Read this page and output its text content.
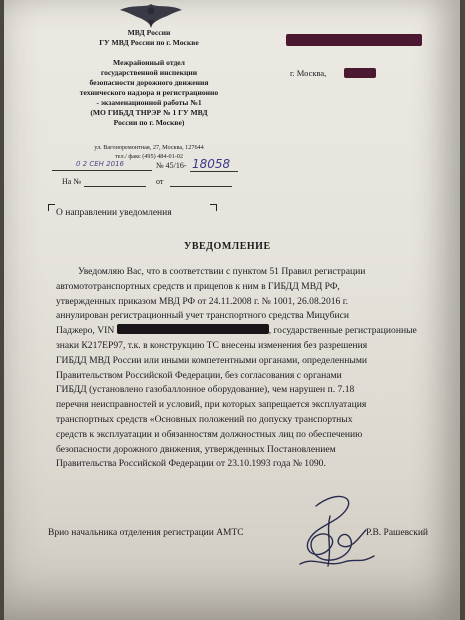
МВД России
ГУ МВД России по г. Москве
Межрайонный отдел
государственной инспекции
безопасности дорожного движения
технического надзора и регистрационно
- экзаменационной работы №1
(МО ГИБДД ТНРЭР № 1 ГУ МВД
России по г. Москве)
ул. Вагоноремонтная, 27, Москва, 127644
тел./ факс (495) 484-01-02
0 2 СЕН 2016	№ 45/16- 18058
На №	от
г. Москва,
О направлении уведомления
УВЕДОМЛЕНИЕ

Уведомляю Вас, что в соответствии с пунктом 51 Правил регистрации

автомототранспортных средств и прицепов к ним в ГИБДД МВД РФ,

утвержденных приказом МВД РФ от 24.11.2008 г. № 1001, 26.08.2016 г.

аннулирован регистрационный учет транспортного средства Мицубиси

Паджеро, VIN	, государственные регистрационные

знаки К217ЕР97, т.к. в конструкцию ТС внесены изменения без разрешения

ГИБДД МВД России или иными компетентными органами, определенными

Правительством Российской Федерации, без согласования с органами

ГИБДД (установлено газобаллонное оборудование), чем нарушен п. 7.18

перечня неисправностей и условий, при которых запрещается эксплуатация

транспортных средств «Основных положений по допуску транспортных

средств к эксплуатации и обязанностям должностных лиц по обеспечению

безопасности дорожного движения, утвержденных Постановлением

Правительства Российской Федерации от 23.10.1993 года № 1090.

Врио начальника отделения регистрации АМТС	Р.В. Рашевский
